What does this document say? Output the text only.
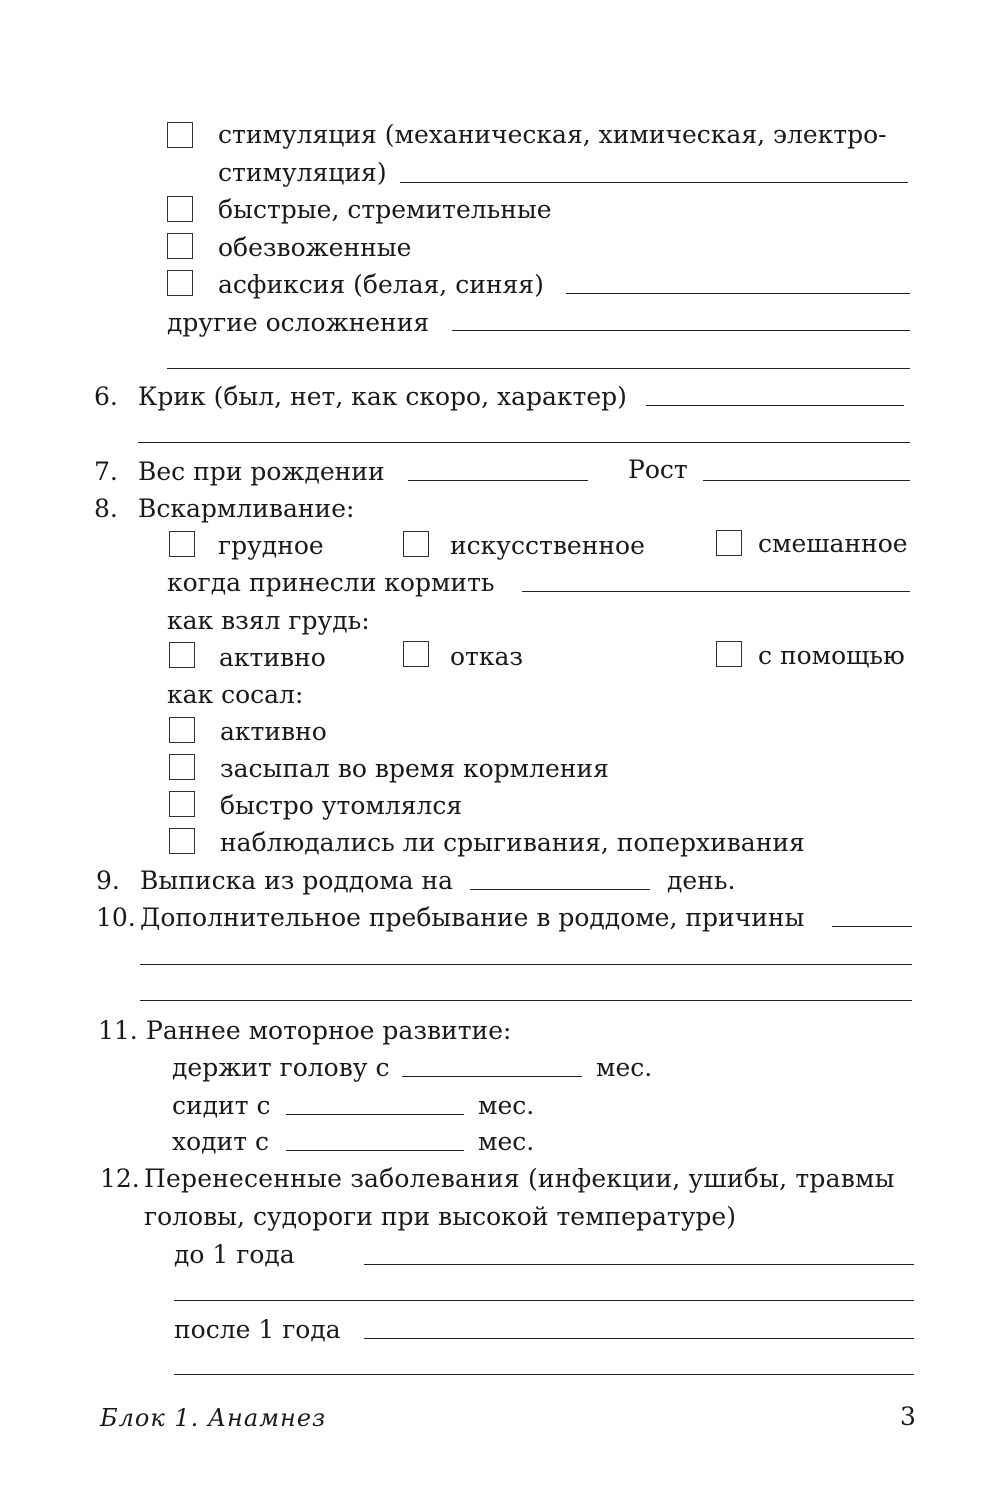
стимуляция (механическая, химическая, электро-
стимуляция)
быстрые, стремительные
обезвоженные
асфиксия (белая, синяя)
другие осложнения
6. Крик (был, нет, как скоро, характер)
7. Вес при рождении	Рост
8. Вскармливание:
грудное	искусственное	смешанное
когда принесли кормить
как взял грудь:
активно	отказ	с помощью
как сосал:
активно
засыпал во время кормления
быстро утомлялся
наблюдались ли срыгивания, поперхивания
9. Выписка из роддома на	день.
10. Дополнительное пребывание в роддоме, причины
11. Раннее моторное развитие:
держит голову с	мес.
сидит с	мес.
ходит с	мес.
12. Перенесенные заболевания (инфекции, ушибы, травмы
головы, судороги при высокой температуре)
до 1 года
после 1 года
Блок 1. Анамнез	3
